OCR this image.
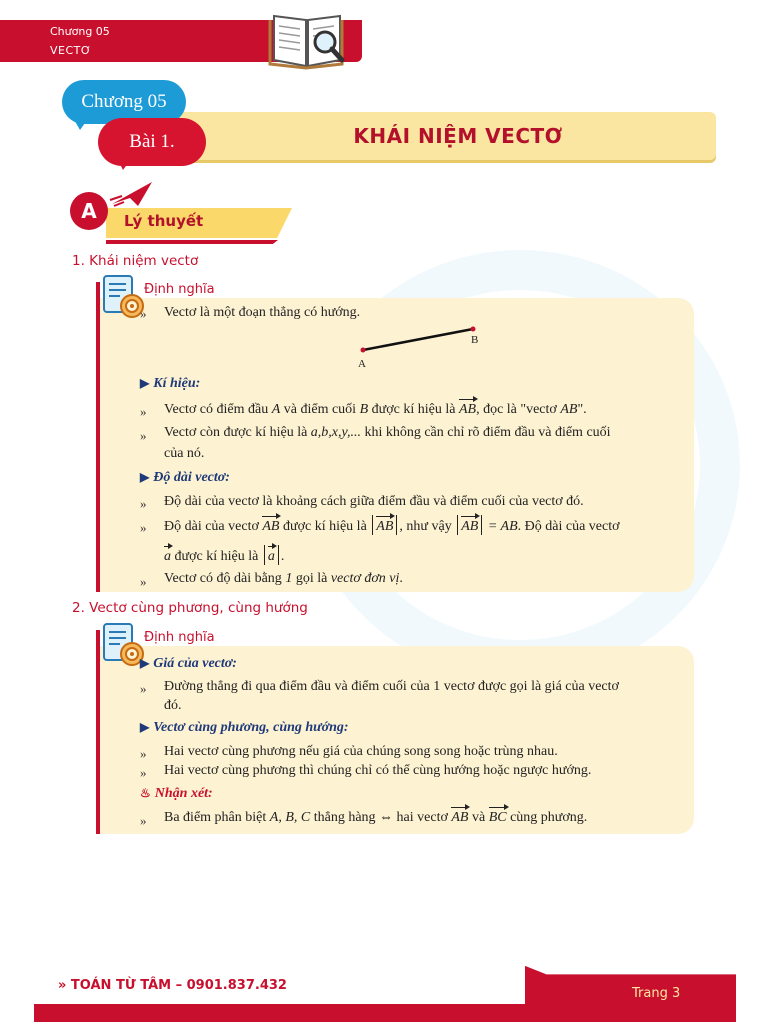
Chương 05
VECTƠ
KHÁI NIỆM VECTƠ
Chương 05
Bài 1.
A	Lý thuyết
1. Khái niệm vectơ
Định nghĩa
» Vectơ là một đoạn thẳng có hướng.
A
B
▶ Kí hiệu:
» Vectơ có điểm đầu A và điểm cuối B được kí hiệu là AB, đọc là "vectơ AB".
» Vectơ còn được kí hiệu là a,b,x,y,... khi không cần chỉ rõ điểm đầu và điểm cuối
của nó.
▶ Độ dài vectơ:
» Độ dài của vectơ là khoảng cách giữa điểm đầu và điểm cuối của vectơ đó.
» Độ dài của vectơ AB được kí hiệu là AB , như vậy AB = AB. Độ dài của vectơ
a được kí hiệu là a .
» Vectơ có độ dài bằng 1 gọi là vectơ đơn vị.
2. Vectơ cùng phương, cùng hướng
Định nghĩa
▶ Giá của vectơ:
» Đường thẳng đi qua điểm đầu và điểm cuối của 1 vectơ được gọi là giá của vectơ
đó.
▶ Vectơ cùng phương, cùng hướng:
» Hai vectơ cùng phương nếu giá của chúng song song hoặc trùng nhau.
» Hai vectơ cùng phương thì chúng chỉ có thể cùng hướng hoặc ngược hướng.
♨ Nhận xét:
» Ba điểm phân biệt A, B, C thẳng hàng ⇔ hai vectơ AB và BC cùng phương.
» TOÁN TỪ TÂM – 0901.837.432
Trang 3
